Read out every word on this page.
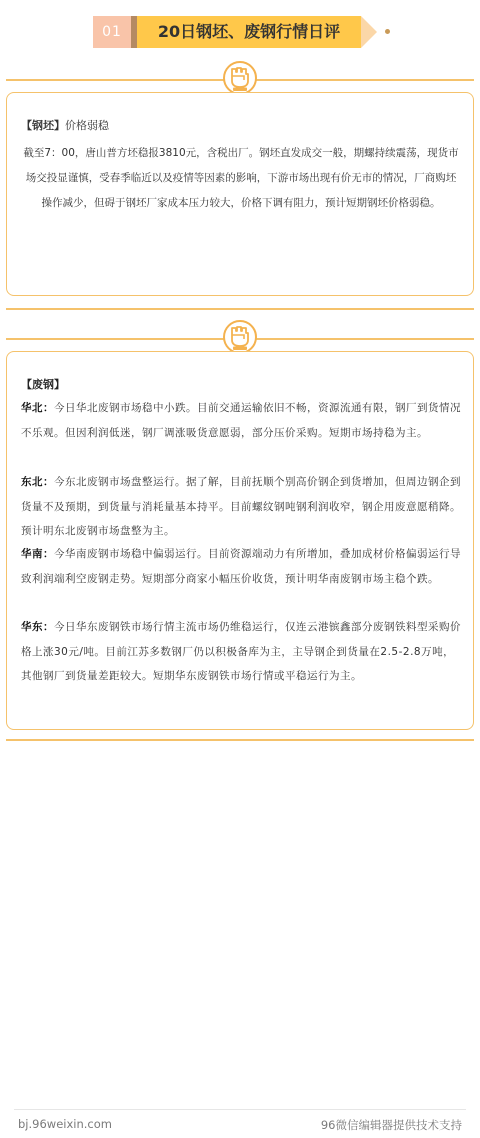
01	20日钢坯、废钢行情日评
【钢坯】价格弱稳
截至7：00，唐山普方坯稳报3810元，含税出厂。钢坯直发成交一般，期螺持续震荡，现货市场交投显谨慎，受春季临近以及疫情等因素的影响，下游市场出现有价无市的情况，厂商购坯操作减少，但碍于钢坯厂家成本压力较大，价格下调有阻力，预计短期钢坯价格弱稳。
【废钢】
华北：今日华北废钢市场稳中小跌。目前交通运输依旧不畅，资源流通有限，钢厂到货情况不乐观。但因利润低迷，钢厂调涨吸货意愿弱，部分压价采购。短期市场持稳为主。
东北：今东北废钢市场盘整运行。据了解，目前抚顺个别高价钢企到货增加，但周边钢企到货量不及预期，到货量与消耗量基本持平。目前螺纹钢吨钢利润收窄，钢企用废意愿稍降。预计明东北废钢市场盘整为主。
华南：今华南废钢市场稳中偏弱运行。目前资源端动力有所增加，叠加成材价格偏弱运行导致利润端利空废钢走势。短期部分商家小幅压价收货，预计明华南废钢市场主稳个跌。
华东：今日华东废钢铁市场行情主流市场仍维稳运行，仅连云港镔鑫部分废钢铁料型采购价格上涨30元/吨。目前江苏多数钢厂仍以积极备库为主，主导钢企到货量在2.5-2.8万吨，其他钢厂到货量差距较大。短期华东废钢铁市场行情或平稳运行为主。
bj.96weixin.com	96微信编辑器提供技术支持
